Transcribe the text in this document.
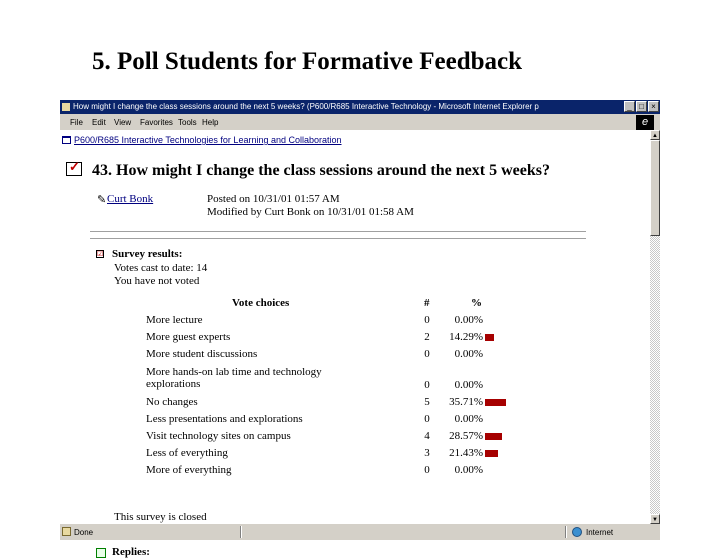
5. Poll Students for Formative Feedback
How might I change the class sessions around the next 5 weeks? (P600/R685 Interactive Technology - Microsoft Internet Explorer p	_ □ ×
File Edit View Favorites Tools Help	e
P600/R685 Interactive Technologies for Learning and Collaboration
✓ 43. How might I change the class sessions around the next 5 weeks?
✎ Curt Bonk	Posted on 10/31/01 01:57 AM
Modified by Curt Bonk on 10/31/01 01:58 AM
☑ Survey results:
Votes cast to date: 14
You have not voted
Vote choices	#	%
More lecture	0	0.00%
More guest experts	2	14.29%
More student discussions	0	0.00%
More hands-on lab time and technology explorations	0	0.00%
No changes	5	35.71%
Less presentations and explorations	0	0.00%
Visit technology sites on campus	4	28.57%
Less of everything	3	21.43%
More of everything	0	0.00%
This survey is closed
Replies:
▲
▼
Done	Internet
